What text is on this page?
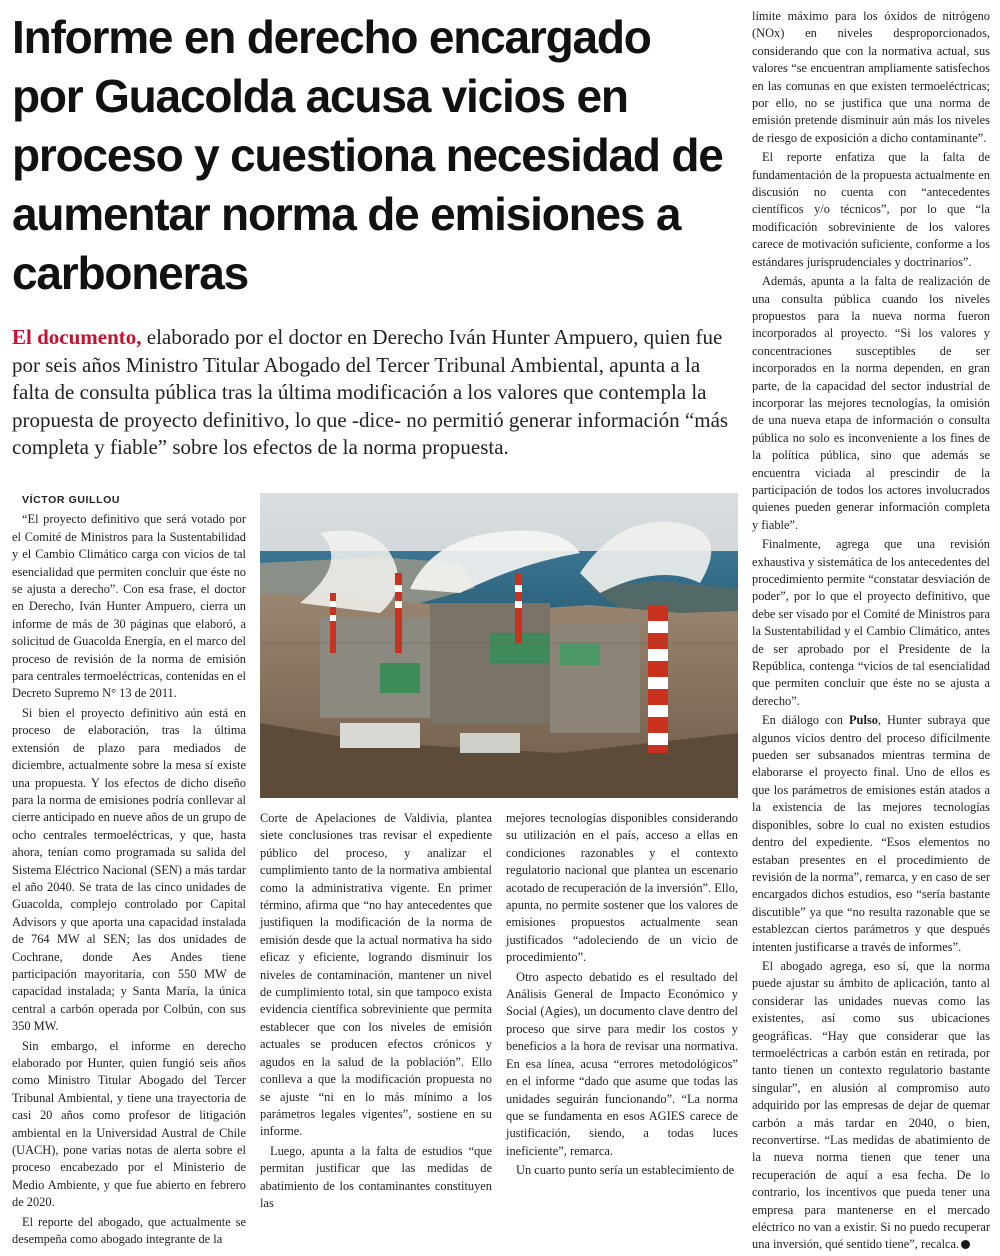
Informe en derecho encargado por Guacolda acusa vicios en proceso y cuestiona necesidad de aumentar norma de emisiones a carboneras

El documento, elaborado por el doctor en Derecho Iván Hunter Ampuero, quien fue por seis años Ministro Titular Abogado del Tercer Tribunal Ambiental, apunta a la falta de consulta pública tras la última modificación a los valores que contempla la propuesta de proyecto definitivo, lo que -dice- no permitió generar información “más completa y fiable” sobre los efectos de la norma propuesta.

VÍCTOR GUILLOU

“El proyecto definitivo que será votado por el Comité de Ministros para la Sustentabilidad y el Cambio Climático carga con vicios de tal esencialidad que permiten concluir que éste no se ajusta a derecho”. Con esa frase, el doctor en Derecho, Iván Hunter Ampuero, cierra un informe de más de 30 páginas que elaboró, a solicitud de Guacolda Energía, en el marco del proceso de revisión de la norma de emisión para centrales termoeléctricas, contenidas en el Decreto Supremo N° 13 de 2011.

Si bien el proyecto definitivo aún está en proceso de elaboración, tras la última extensión de plazo para mediados de diciembre, actualmente sobre la mesa sí existe una propuesta. Y los efectos de dicho diseño para la norma de emisiones podría conllevar al cierre anticipado en nueve años de un grupo de ocho centrales termoeléctricas, y que, hasta ahora, tenían como programada su salida del Sistema Eléctrico Nacional (SEN) a más tardar el año 2040. Se trata de las cinco unidades de Guacolda, complejo controlado por Capital Advisors y que aporta una capacidad instalada de 764 MW al SEN; las dos unidades de Cochrane, donde Aes Andes tiene participación mayoritaria, con 550 MW de capacidad instalada; y Santa María, la única central a carbón operada por Colbún, con sus 350 MW.

Sin embargo, el informe en derecho elaborado por Hunter, quien fungió seis años como Ministro Titular Abogado del Tercer Tribunal Ambiental, y tiene una trayectoria de casi 20 años como profesor de litigación ambiental en la Universidad Austral de Chile (UACH), pone varias notas de alerta sobre el proceso encabezado por el Ministerio de Medio Ambiente, y que fue abierto en febrero de 2020.

El reporte del abogado, que actualmente se desempeña como abogado integrante de la

Corte de Apelaciones de Valdivia, plantea siete conclusiones tras revisar el expediente público del proceso, y analizar el cumplimiento tanto de la normativa ambiental como la administrativa vigente. En primer término, afirma que “no hay antecedentes que justifiquen la modificación de la norma de emisión desde que la actual normativa ha sido eficaz y eficiente, logrando disminuir los niveles de contaminación, mantener un nivel de cumplimiento total, sin que tampoco exista evidencia científica sobreviniente que permita establecer que con los niveles de emisión actuales se producen efectos crónicos y agudos en la salud de la población”. Ello conlleva a que la modificación propuesta no se ajuste “ni en lo más mínimo a los parámetros legales vigentes”, sostiene en su informe.

Luego, apunta a la falta de estudios “que permitan justificar que las medidas de abatimiento de los contaminantes constituyen las

mejores tecnologías disponibles considerando su utilización en el país, acceso a ellas en condiciones razonables y el contexto regulatorio nacional que plantea un escenario acotado de recuperación de la inversión”. Ello, apunta, no permite sostener que los valores de emisiones propuestos actualmente sean justificados “adoleciendo de un vicio de procedimiento”.

Otro aspecto debatido es el resultado del Análisis General de Impacto Económico y Social (Agies), un documento clave dentro del proceso que sirve para medir los costos y beneficios a la hora de revisar una normativa. En esa línea, acusa “errores metodológicos” en el informe “dado que asume que todas las unidades seguirán funcionando”. “La norma que se fundamenta en esos AGIES carece de justificación, siendo, a todas luces ineficiente”, remarca.

Un cuarto punto sería un establecimiento de

límite máximo para los óxidos de nitrógeno (NOx) en niveles desproporcionados, considerando que con la normativa actual, sus valores “se encuentran ampliamente satisfechos en las comunas en que existen termoeléctricas; por ello, no se justifica que una norma de emisión pretende disminuir aún más los niveles de riesgo de exposición a dicho contaminante”.

El reporte enfatiza que la falta de fundamentación de la propuesta actualmente en discusión no cuenta con “antecedentes científicos y/o técnicos”, por lo que “la modificación sobreviniente de los valores carece de motivación suficiente, conforme a los estándares jurisprudenciales y doctrinarios”.

Además, apunta a la falta de realización de una consulta pública cuando los niveles propuestos para la nueva norma fueron incorporados al proyecto. “Si los valores y concentraciones susceptibles de ser incorporados en la norma dependen, en gran parte, de la capacidad del sector industrial de incorporar las mejores tecnologías, la omisión de una nueva etapa de información o consulta pública no solo es inconveniente a los fines de la política pública, sino que además se encuentra viciada al prescindir de la participación de todos los actores involucrados quienes pueden generar información completa y fiable”.

Finalmente, agrega que una revisión exhaustiva y sistemática de los antecedentes del procedimiento permite “constatar desviación de poder”, por lo que el proyecto definitivo, que debe ser visado por el Comité de Ministros para la Sustentabilidad y el Cambio Climático, antes de ser aprobado por el Presidente de la República, contenga “vicios de tal esencialidad que permiten concluir que éste no se ajusta a derecho”.

En diálogo con Pulso, Hunter subraya que algunos vicios dentro del proceso difícilmente pueden ser subsanados mientras termina de elaborarse el proyecto final. Uno de ellos es que los parámetros de emisiones están atados a la existencia de las mejores tecnologías disponibles, sobre lo cual no existen estudios dentro del expediente. “Esos elementos no estaban presentes en el procedimiento de revisión de la norma”, remarca, y en caso de ser encargados dichos estudios, eso “sería bastante discutible” ya que “no resulta razonable que se establezcan ciertos parámetros y que después intenten justificarse a través de informes”.

El abogado agrega, eso sí, que la norma puede ajustar su ámbito de aplicación, tanto al considerar las unidades nuevas como las existentes, así como sus ubicaciones geográficas. “Hay que considerar que las termoeléctricas a carbón están en retirada, por tanto tienen un contexto regulatorio bastante singular”, en alusión al compromiso auto adquirido por las empresas de dejar de quemar carbón a más tardar en 2040, o bien, reconvertirse. “Las medidas de abatimiento de la nueva norma tienen que tener una recuperación de aquí a esa fecha. De lo contrario, los incentivos que pueda tener una empresa para mantenerse en el mercado eléctrico no van a existir. Si no puedo recuperar una inversión, qué sentido tiene”, recalca.
